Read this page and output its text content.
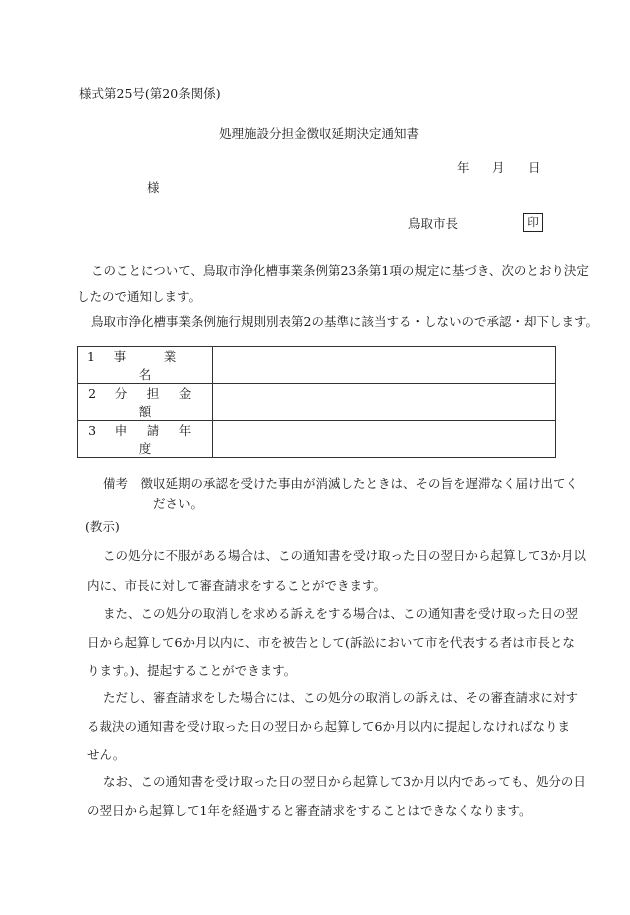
様式第25号(第20条関係)
処理施設分担金徴収延期決定通知書
年 月 日
様
鳥取市長	印
このことについて、鳥取市浄化槽事業条例第23条第1項の規定に基づき、次のとおり決定
したので通知します。
鳥取市浄化槽事業条例施行規則別表第2の基準に該当する・しないので承認・却下します。
1 事 業  名	
2 分 担 金  額	
3 申 請 年  度	
備考　徴収延期の承認を受けた事由が消滅したときは、その旨を遅滞なく届け出てく
ださい。
(教示)
この処分に不服がある場合は、この通知書を受け取った日の翌日から起算して3か月以
内に、市長に対して審査請求をすることができます。
また、この処分の取消しを求める訴えをする場合は、この通知書を受け取った日の翌
日から起算して6か月以内に、市を被告として(訴訟において市を代表する者は市長とな
ります。)、提起することができます。
ただし、審査請求をした場合には、この処分の取消しの訴えは、その審査請求に対す
る裁決の通知書を受け取った日の翌日から起算して6か月以内に提起しなければなりま
せん。
なお、この通知書を受け取った日の翌日から起算して3か月以内であっても、処分の日
の翌日から起算して1年を経過すると審査請求をすることはできなくなります。
